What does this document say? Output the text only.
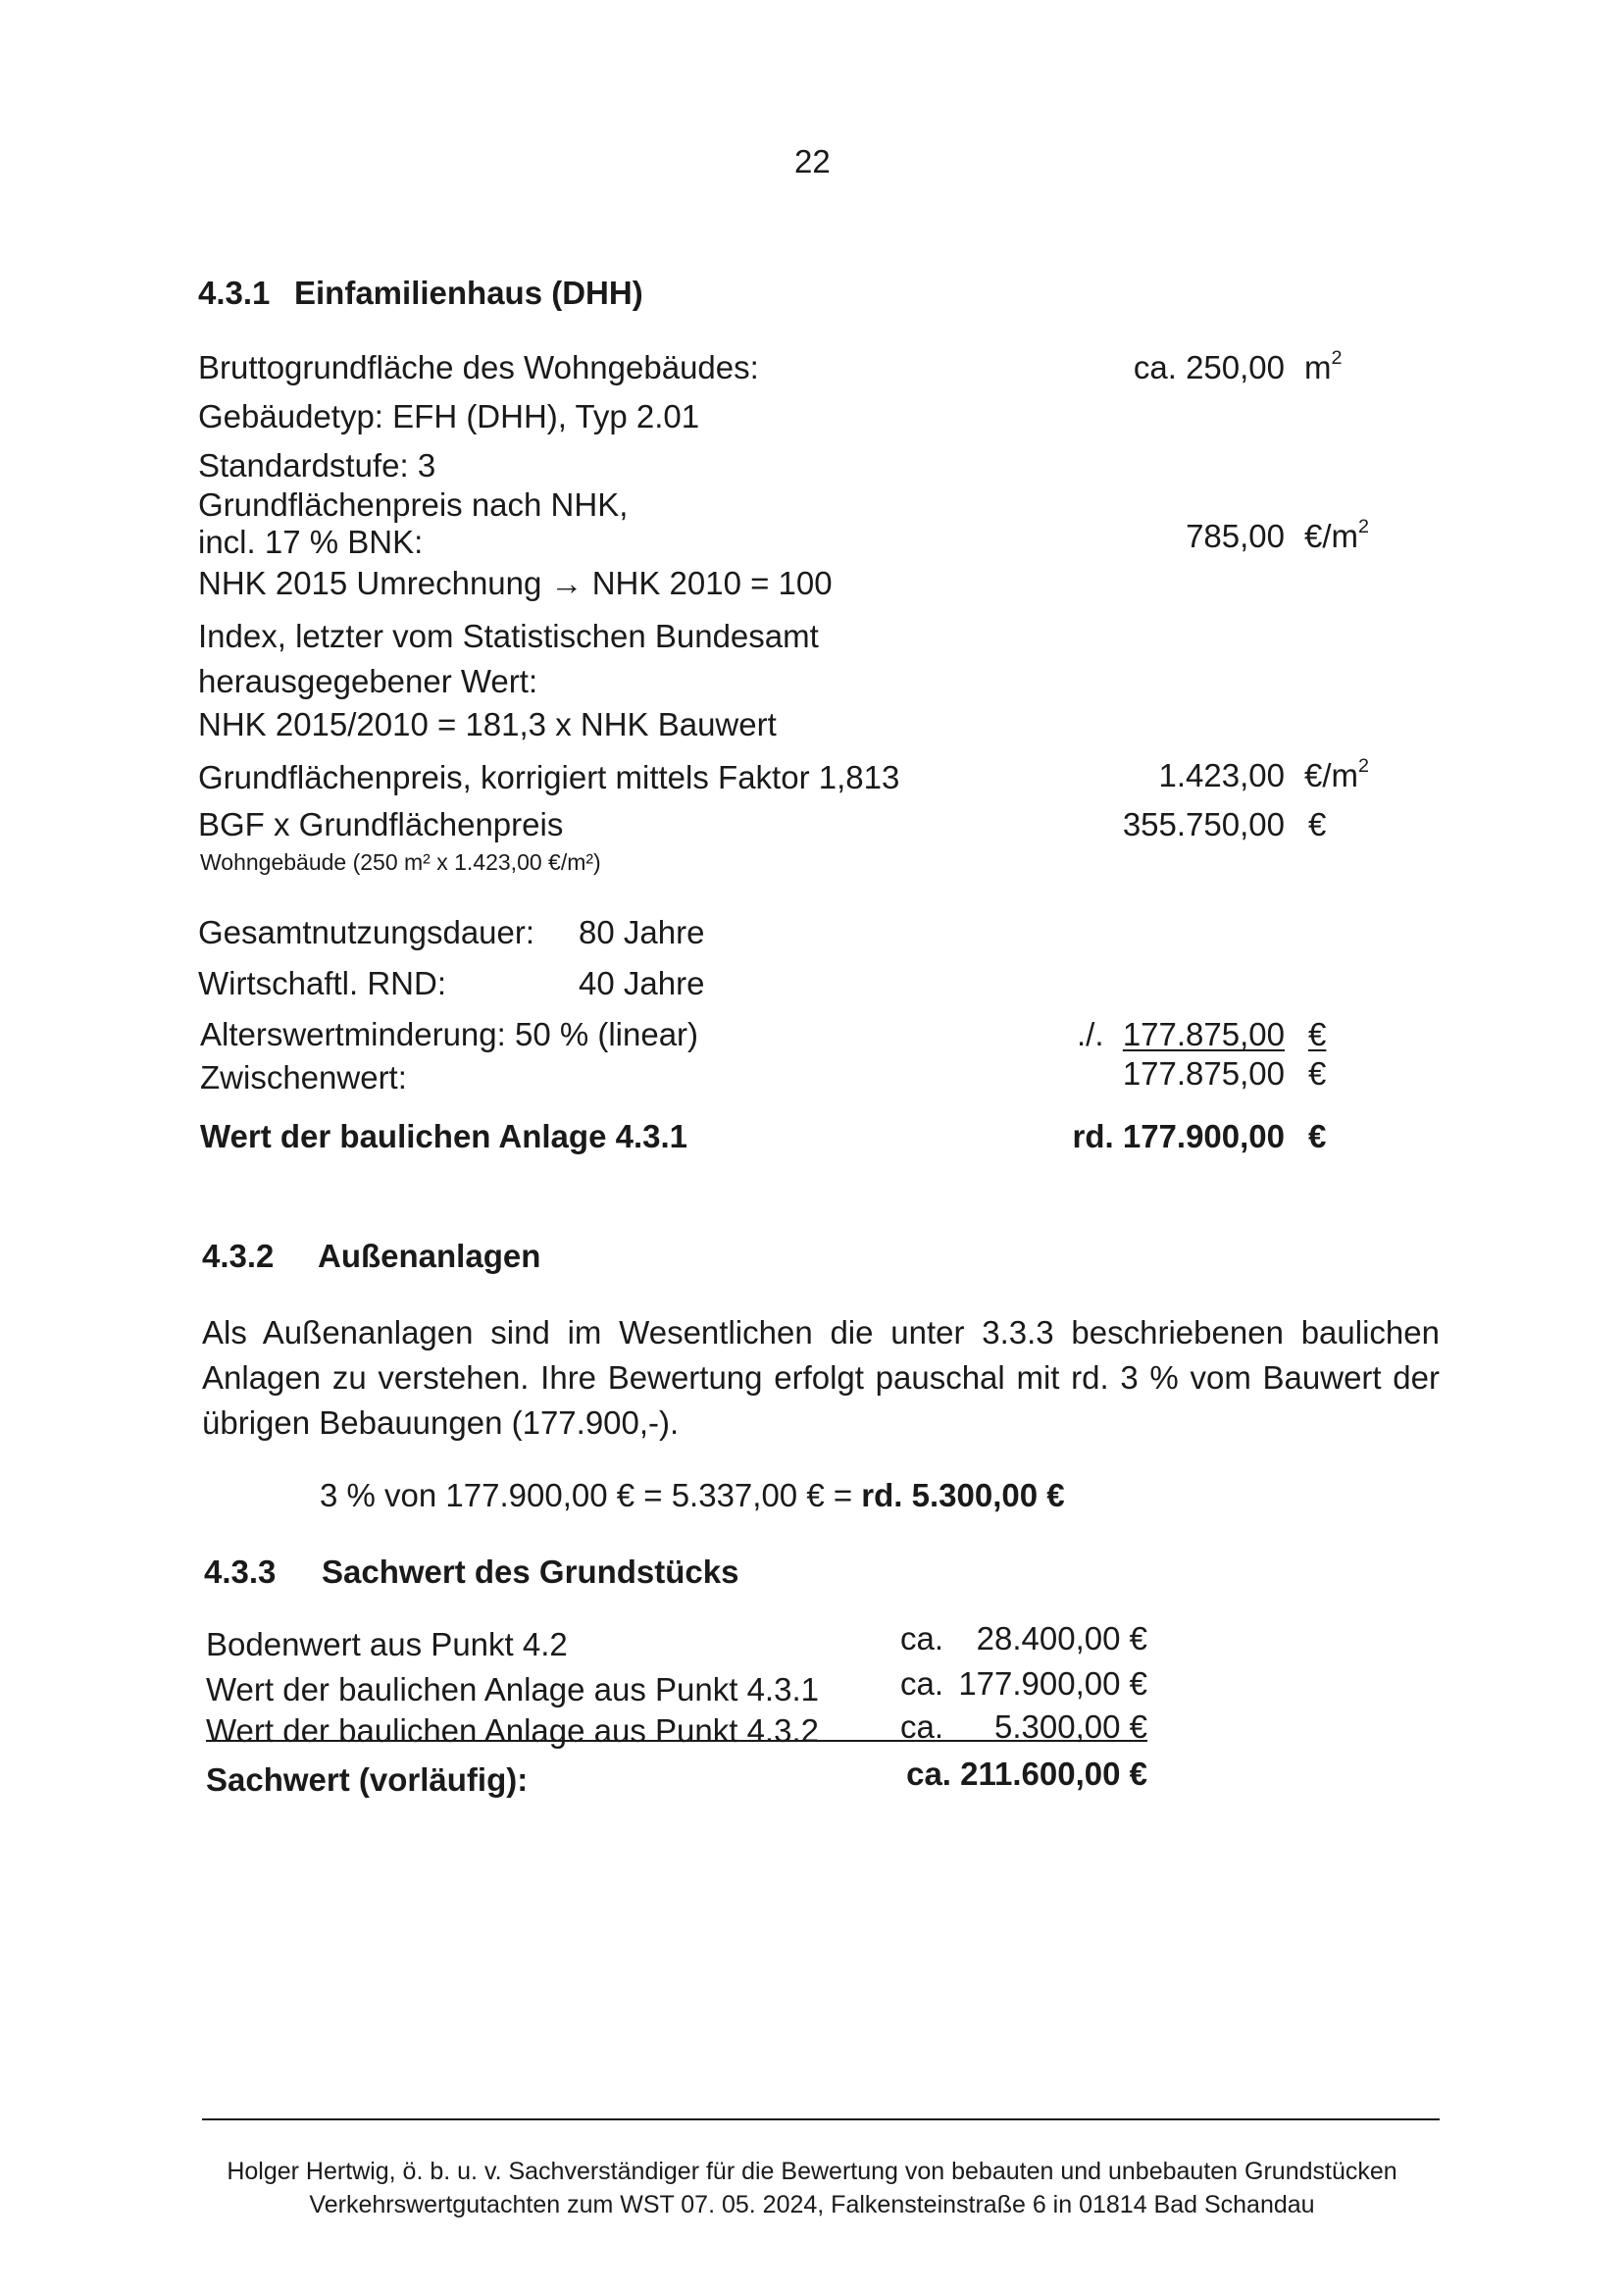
22
4.3.1 Einfamilienhaus (DHH)
Bruttogrundfläche des Wohngebäudes:	ca. 250,00 $m^2$
Gebäudetyp: EFH (DHH), Typ 2.01
Standardstufe: 3
Grundflächenpreis nach NHK,
incl. 17 % BNK:	785,00 $€/m^2$
NHK 2015 Umrechnung → NHK 2010 = 100
Index, letzter vom Statistischen Bundesamt
herausgegebener Wert:
NHK 2015/2010 = 181,3 x NHK Bauwert
Grundflächenpreis, korrigiert mittels Faktor 1,813	1.423,00 $€/m^2$
BGF x Grundflächenpreis	355.750,00 €
Wohngebäude (250 m² x 1.423,00 €/m²)
Gesamtnutzungsdauer: 80 Jahre
Wirtschaftl. RND:	40 Jahre
Alterswertminderung: 50 % (linear)	./. 177.875,00 €
Zwischenwert:	177.875,00 €
Wert der baulichen Anlage 4.3.1	rd. 177.900,00 €
4.3.2 Außenanlagen
Als Außenanlagen sind im Wesentlichen die unter 3.3.3 beschriebenen baulichen
Anlagen zu verstehen. Ihre Bewertung erfolgt pauschal mit rd. 3 % vom Bauwert der
übrigen Bebauungen (177.900,-).
3 % von 177.900,00 € = 5.337,00 € = rd. 5.300,00 €
4.3.3 Sachwert des Grundstücks
Bodenwert aus Punkt 4.2	ca. 28.400,00 €
Wert der baulichen Anlage aus Punkt 4.3.1	ca. 177.900,00 €
Wert der baulichen Anlage aus Punkt 4.3.2	ca. 5.300,00 €
Sachwert (vorläufig):	ca. 211.600,00 €
Holger Hertwig, ö. b. u. v. Sachverständiger für die Bewertung von bebauten und unbebauten Grundstücken
Verkehrswertgutachten zum WST 07. 05. 2024, Falkensteinstraße 6 in 01814 Bad Schandau
